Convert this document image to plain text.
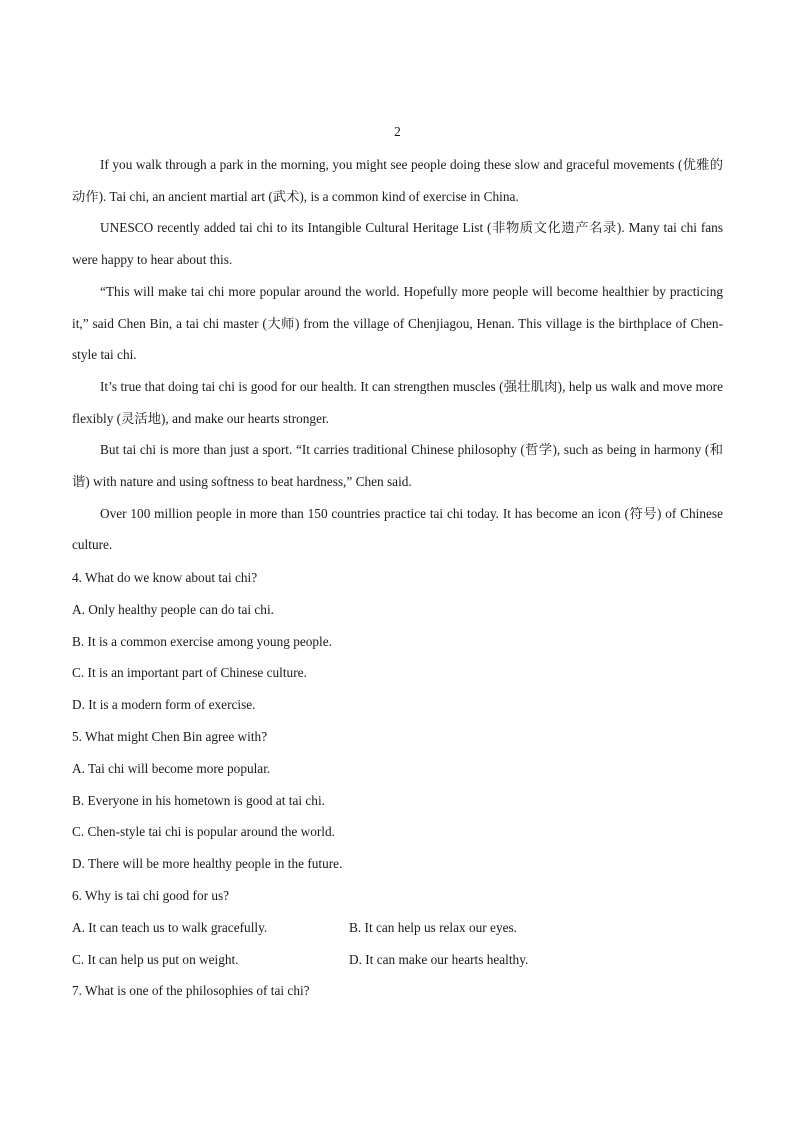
2

If you walk through a park in the morning, you might see people doing these slow and graceful movements (优雅的动作). Tai chi, an ancient martial art (武术), is a common kind of exercise in China.

UNESCO recently added tai chi to its Intangible Cultural Heritage List (非物质文化遗产名录). Many tai chi fans were happy to hear about this.

“This will make tai chi more popular around the world. Hopefully more people will become healthier by practicing it,” said Chen Bin, a tai chi master (大师) from the village of Chenjiagou, Henan. This village is the birthplace of Chen-style tai chi.

It’s true that doing tai chi is good for our health. It can strengthen muscles (强壮肌肉), help us walk and move more flexibly (灵活地), and make our hearts stronger.

But tai chi is more than just a sport. “It carries traditional Chinese philosophy (哲学), such as being in harmony (和谐) with nature and using softness to beat hardness,” Chen said.

Over 100 million people in more than 150 countries practice tai chi today. It has become an icon (符号) of Chinese culture.

4. What do we know about tai chi?
A. Only healthy people can do tai chi.
B. It is a common exercise among young people.
C. It is an important part of Chinese culture.
D. It is a modern form of exercise.
5. What might Chen Bin agree with?
A. Tai chi will become more popular.
B. Everyone in his hometown is good at tai chi.
C. Chen-style tai chi is popular around the world.
D. There will be more healthy people in the future.
6. Why is tai chi good for us?
A. It can teach us to walk gracefully.	B. It can help us relax our eyes.
C. It can help us put on weight.	D. It can make our hearts healthy.
7. What is one of the philosophies of tai chi?
